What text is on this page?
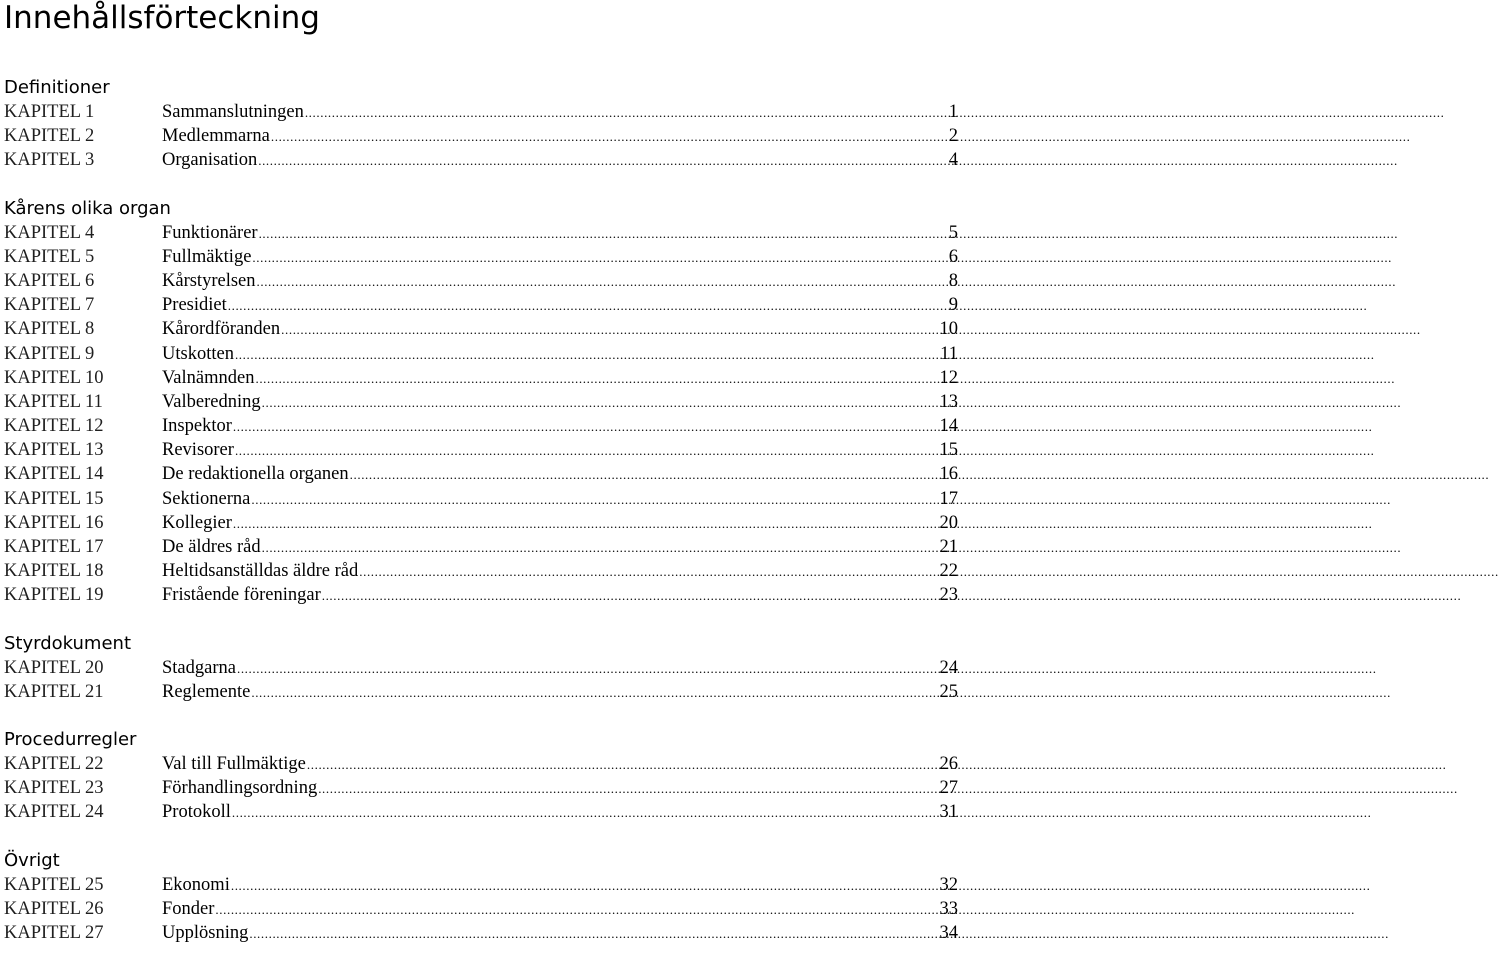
Innehållsförteckning
Definitioner
KAPITEL 1	Sammanslutningen .....	1
KAPITEL 2	Medlemmarna .....	2
KAPITEL 3	Organisation .....	4
Kårens olika organ
KAPITEL 4	Funktionärer .....	5
KAPITEL 5	Fullmäktige .....	6
KAPITEL 6	Kårstyrelsen .....	8
KAPITEL 7	Presidiet .....	9
KAPITEL 8	Kårordföranden .....	10
KAPITEL 9	Utskotten .....	11
KAPITEL 10	Valnämnden .....	12
KAPITEL 11	Valberedning .....	13
KAPITEL 12	Inspektor .....	14
KAPITEL 13	Revisorer .....	15
KAPITEL 14	De redaktionella organen .....	16
KAPITEL 15	Sektionerna .....	17
KAPITEL 16	Kollegier .....	20
KAPITEL 17	De äldres råd .....	21
KAPITEL 18	Heltidsanställdas äldre råd .....	22
KAPITEL 19	Fristående föreningar .....	23
Styrdokument
KAPITEL 20	Stadgarna .....	24
KAPITEL 21	Reglemente .....	25
Procedurregler
KAPITEL 22	Val till Fullmäktige .....	26
KAPITEL 23	Förhandlingsordning .....	27
KAPITEL 24	Protokoll .....	31
Övrigt
KAPITEL 25	Ekonomi .....	32
KAPITEL 26	Fonder .....	33
KAPITEL 27	Upplösning .....	34
